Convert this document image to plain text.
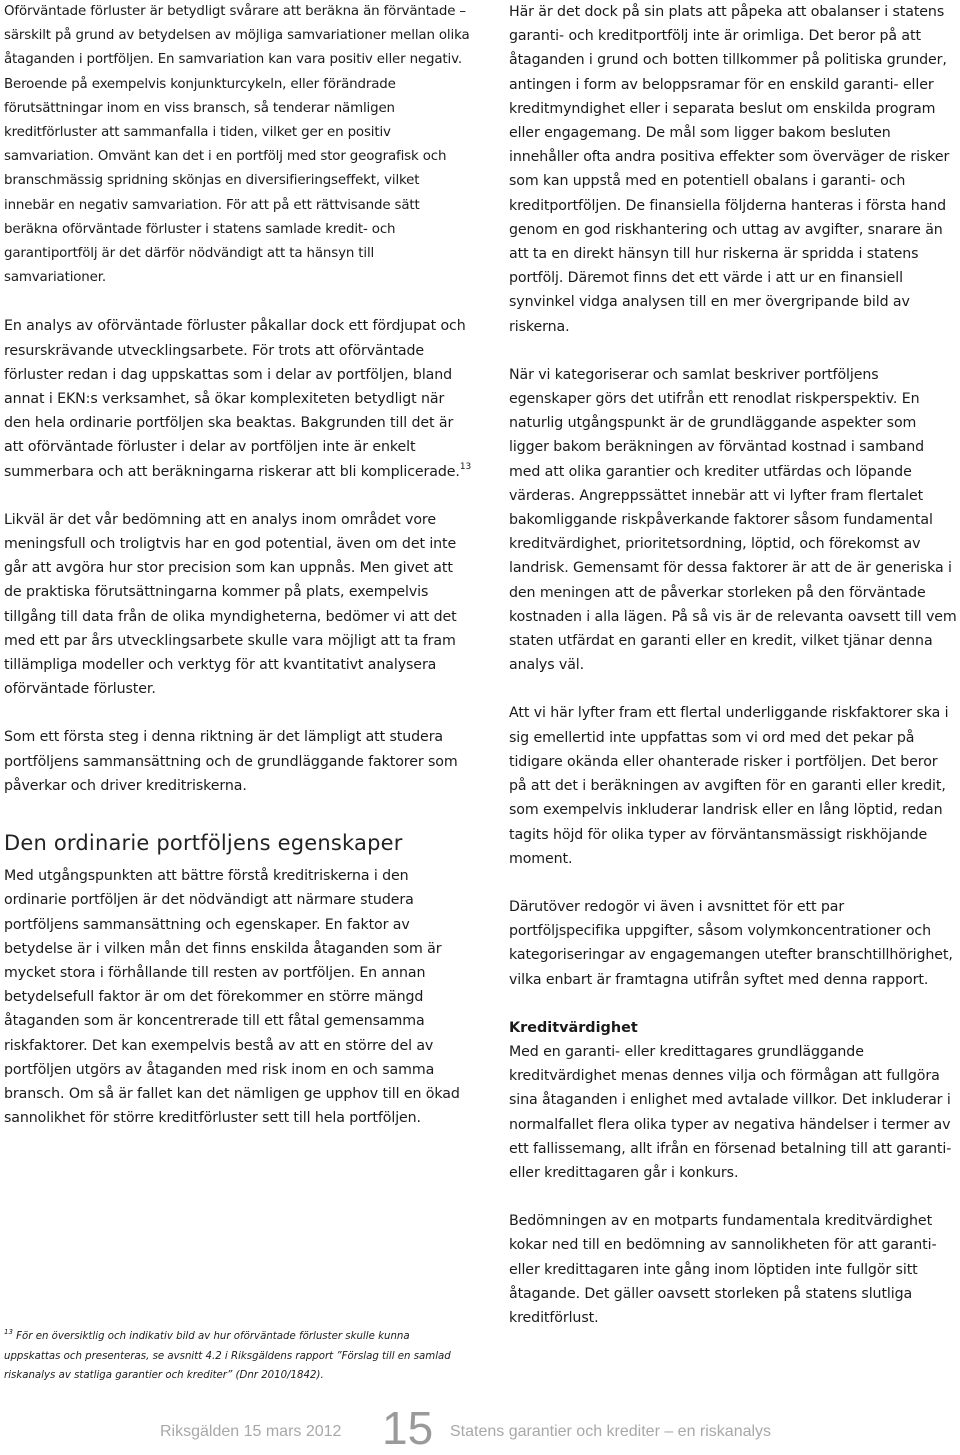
Oförväntade förluster är betydligt svårare att beräkna än förväntade – särskilt på grund av betydelsen av möjliga samvariationer mellan olika åtaganden i portföljen. En samvariation kan vara positiv eller negativ. Beroende på exempelvis konjunkturcykeln, eller förändrade förutsättningar inom en viss bransch, så tenderar nämligen kreditförluster att sammanfalla i tiden, vilket ger en positiv samvariation. Omvänt kan det i en portfölj med stor geografisk och branschmässig spridning skönjas en diversifieringseffekt, vilket innebär en negativ samvariation. För att på ett rättvisande sätt beräkna oförväntade förluster i statens samlade kredit- och garantiportfölj är det därför nödvändigt att ta hänsyn till samvariationer.

En analys av oförväntade förluster påkallar dock ett fördjupat och resurskrävande utvecklingsarbete. För trots att oförväntade förluster redan i dag uppskattas som i delar av portföljen, bland annat i EKN:s verksamhet, så ökar komplexiteten betydligt när den hela ordinarie portföljen ska beaktas. Bakgrunden till det är att oförväntade förluster i delar av portföljen inte är enkelt summerbara och att beräkningarna riskerar att bli komplicerade.$^{13}$

Likväl är det vår bedömning att en analys inom området vore meningsfull och troligtvis har en god potential, även om det inte går att avgöra hur stor precision som kan uppnås. Men givet att de praktiska förutsättningarna kommer på plats, exempelvis tillgång till data från de olika myndigheterna, bedömer vi att det med ett par års utvecklingsarbete skulle vara möjligt att ta fram tillämpliga modeller och verktyg för att kvantitativt analysera oförväntade förluster.

Som ett första steg i denna riktning är det lämpligt att studera portföljens sammansättning och de grundläggande faktorer som påverkar och driver kreditriskerna.

Den ordinarie portföljens egenskaper

Med utgångspunkten att bättre förstå kreditriskerna i den ordinarie portföljen är det nödvändigt att närmare studera portföljens sammansättning och egenskaper. En faktor av betydelse är i vilken mån det finns enskilda åtaganden som är mycket stora i förhållande till resten av portföljen. En annan betydelsefull faktor är om det förekommer en större mängd åtaganden som är koncentrerade till ett fåtal gemensamma riskfaktorer. Det kan exempelvis bestå av att en större del av portföljen utgörs av åtaganden med risk inom en och samma bransch. Om så är fallet kan det nämligen ge upphov till en ökad sannolikhet för större kreditförluster sett till hela portföljen.

$^{13}$ För en översiktlig och indikativ bild av hur oförväntade förluster skulle kunna uppskattas och presenteras, se avsnitt 4.2 i Riksgäldens rapport ”Förslag till en samlad riskanalys av statliga garantier och krediter” (Dnr 2010/1842).

Här är det dock på sin plats att påpeka att obalanser i statens garanti- och kreditportfölj inte är orimliga. Det beror på att åtaganden i grund och botten tillkommer på politiska grunder, antingen i form av beloppsramar för en enskild garanti- eller kreditmyndighet eller i separata beslut om enskilda program eller engagemang. De mål som ligger bakom besluten innehåller ofta andra positiva effekter som överväger de risker som kan uppstå med en potentiell obalans i garanti- och kreditportföljen. De finansiella följderna hanteras i första hand genom en god riskhantering och uttag av avgifter, snarare än att ta en direkt hänsyn till hur riskerna är spridda i statens portfölj. Däremot finns det ett värde i att ur en finansiell synvinkel vidga analysen till en mer övergripande bild av riskerna.

När vi kategoriserar och samlat beskriver portföljens egenskaper görs det utifrån ett renodlat riskperspektiv. En naturlig utgångspunkt är de grundläggande aspekter som ligger bakom beräkningen av förväntad kostnad i samband med att olika garantier och krediter utfärdas och löpande värderas. Angreppssättet innebär att vi lyfter fram flertalet bakomliggande riskpåverkande faktorer såsom fundamental kreditvärdighet, prioritetsordning, löptid, och förekomst av landrisk. Gemensamt för dessa faktorer är att de är generiska i den meningen att de påverkar storleken på den förväntade kostnaden i alla lägen. På så vis är de relevanta oavsett till vem staten utfärdat en garanti eller en kredit, vilket tjänar denna analys väl.

Att vi här lyfter fram ett flertal underliggande riskfaktorer ska i sig emellertid inte uppfattas som vi ord med det pekar på tidigare okända eller ohanterade risker i portföljen. Det beror på att det i beräkningen av avgiften för en garanti eller kredit, som exempelvis inkluderar landrisk eller en lång löptid, redan tagits höjd för olika typer av förväntansmässigt riskhöjande moment.

Därutöver redogör vi även i avsnittet för ett par portföljspecifika uppgifter, såsom volymkoncentrationer och kategoriseringar av engagemangen utefter branschtillhörighet, vilka enbart är framtagna utifrån syftet med denna rapport.

Kreditvärdighet

Med en garanti- eller kredittagares grundläggande kreditvärdighet menas dennes vilja och förmågan att fullgöra sina åtaganden i enlighet med avtalade villkor. Det inkluderar i normalfallet flera olika typer av negativa händelser i termer av ett fallissemang, allt ifrån en försenad betalning till att garanti- eller kredittagaren går i konkurs.

Bedömningen av en motparts fundamentala kreditvärdighet kokar ned till en bedömning av sannolikheten för att garanti- eller kredittagaren inte gång inom löptiden inte fullgör sitt åtagande. Det gäller oavsett storleken på statens slutliga kreditförlust.

Riksgälden 15 mars 2012 15 Statens garantier och krediter – en riskanalys
